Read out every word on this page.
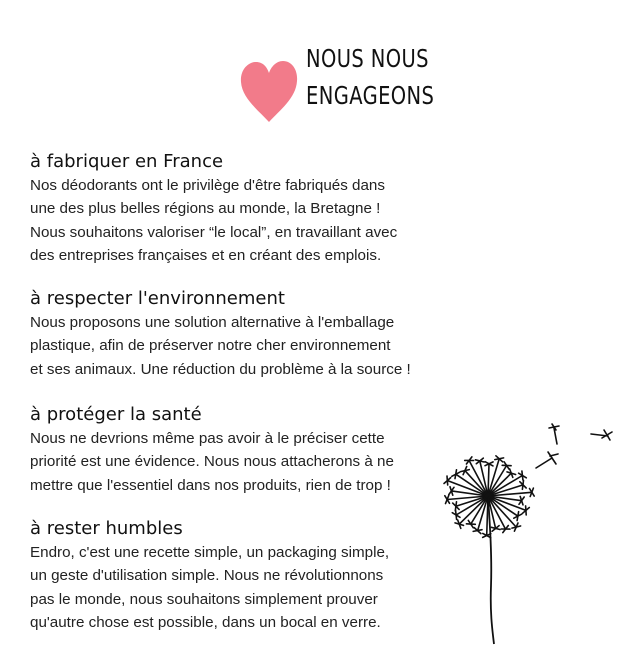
NOUS NOUS
ENGAGEONS
à fabriquer en France

Nos déodorants ont le privilège d'être fabriqués dans
une des plus belles régions au monde, la Bretagne !
Nous souhaitons valoriser “le local”, en travaillant avec
des entreprises françaises et en créant des emplois.

à respecter l'environnement

Nous proposons une solution alternative à l'emballage
plastique, afin de préserver notre cher environnement
et ses animaux. Une réduction du problème à la source !

à protéger la santé

Nous ne devrions même pas avoir à le préciser cette
priorité est une évidence. Nous nous attacherons à ne
mettre que l'essentiel dans nos produits, rien de trop !

à rester humbles

Endro, c'est une recette simple, un packaging simple,
un geste d'utilisation simple. Nous ne révolutionnons
pas le monde, nous souhaitons simplement prouver
qu'autre chose est possible, dans un bocal en verre.
